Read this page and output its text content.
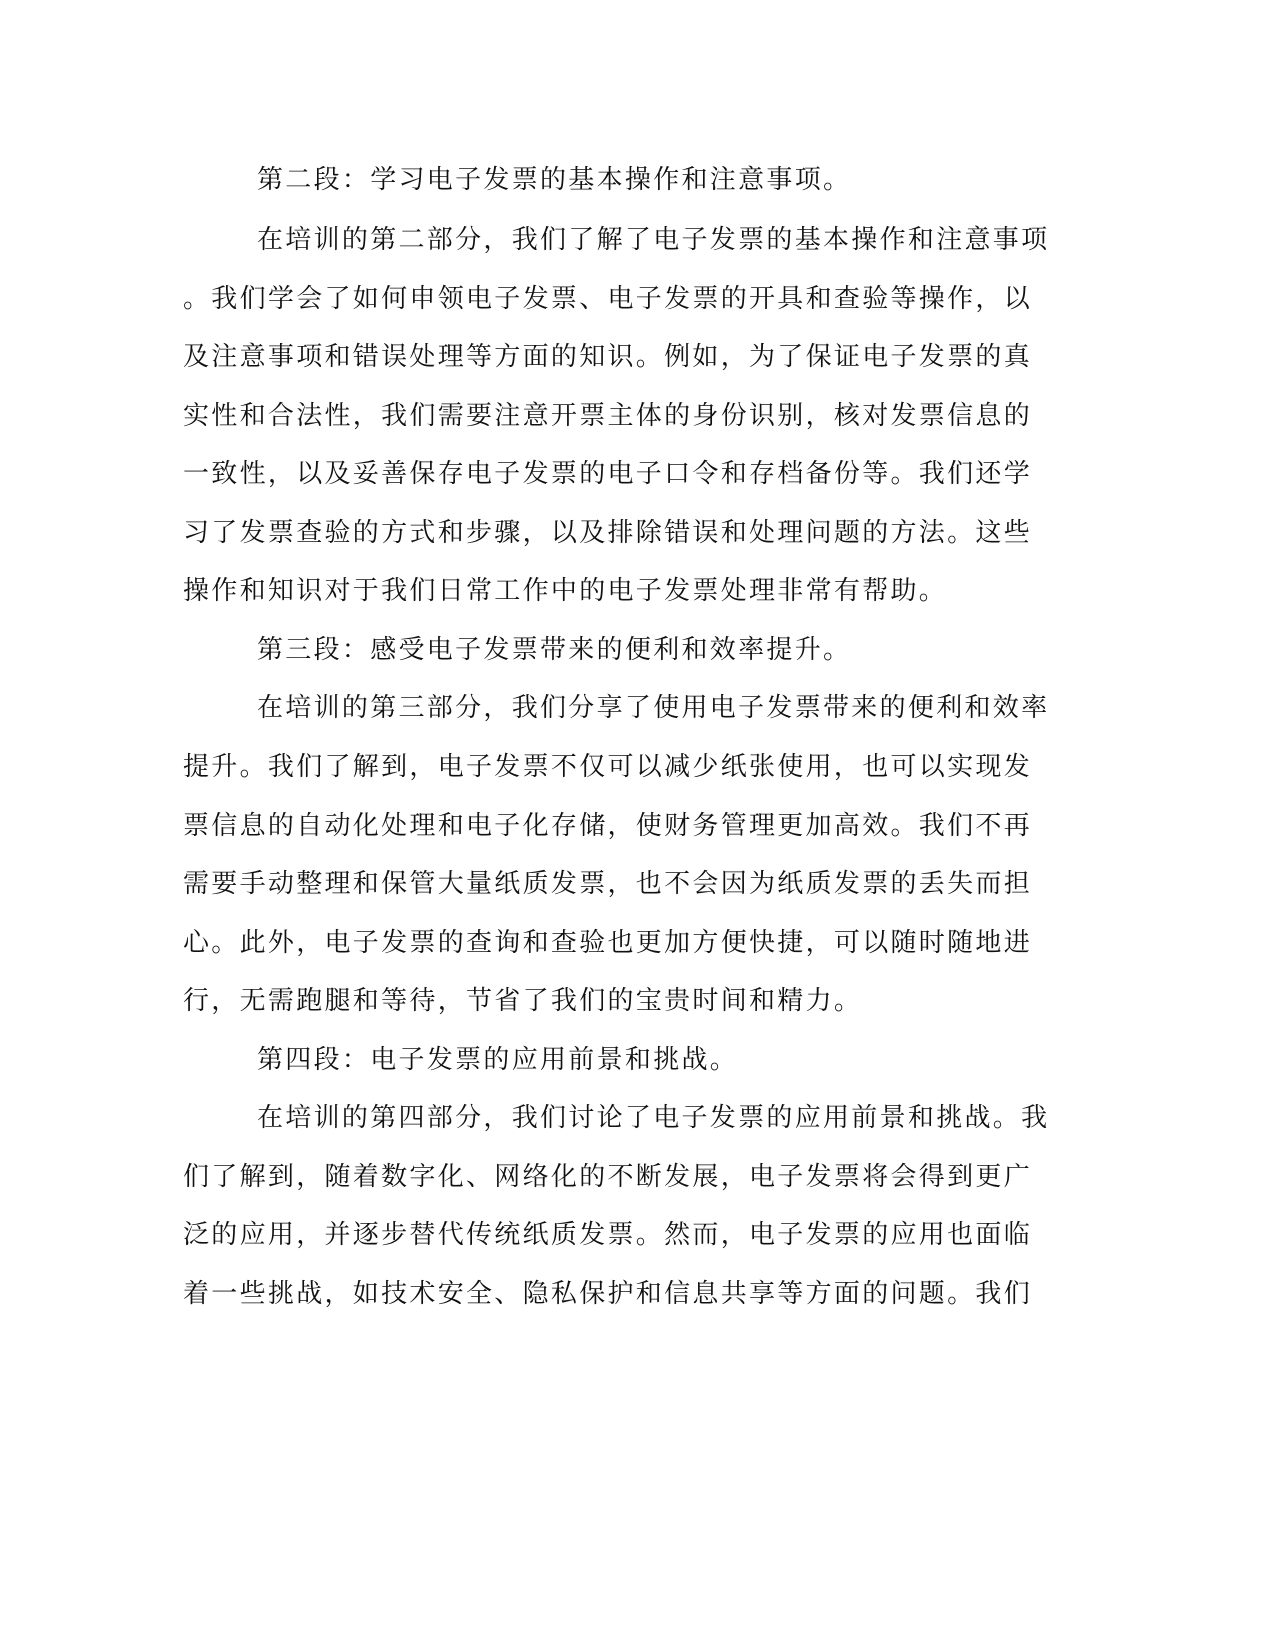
第二段：学习电子发票的基本操作和注意事项。
在培训的第二部分，我们了解了电子发票的基本操作和注意事项
。我们学会了如何申领电子发票、电子发票的开具和查验等操作，以
及注意事项和错误处理等方面的知识。例如，为了保证电子发票的真
实性和合法性，我们需要注意开票主体的身份识别，核对发票信息的
一致性，以及妥善保存电子发票的电子口令和存档备份等。我们还学
习了发票查验的方式和步骤，以及排除错误和处理问题的方法。这些
操作和知识对于我们日常工作中的电子发票处理非常有帮助。
第三段：感受电子发票带来的便利和效率提升。
在培训的第三部分，我们分享了使用电子发票带来的便利和效率
提升。我们了解到，电子发票不仅可以减少纸张使用，也可以实现发
票信息的自动化处理和电子化存储，使财务管理更加高效。我们不再
需要手动整理和保管大量纸质发票，也不会因为纸质发票的丢失而担
心。此外，电子发票的查询和查验也更加方便快捷，可以随时随地进
行，无需跑腿和等待，节省了我们的宝贵时间和精力。
第四段：电子发票的应用前景和挑战。
在培训的第四部分，我们讨论了电子发票的应用前景和挑战。我
们了解到，随着数字化、网络化的不断发展，电子发票将会得到更广
泛的应用，并逐步替代传统纸质发票。然而，电子发票的应用也面临
着一些挑战，如技术安全、隐私保护和信息共享等方面的问题。我们
